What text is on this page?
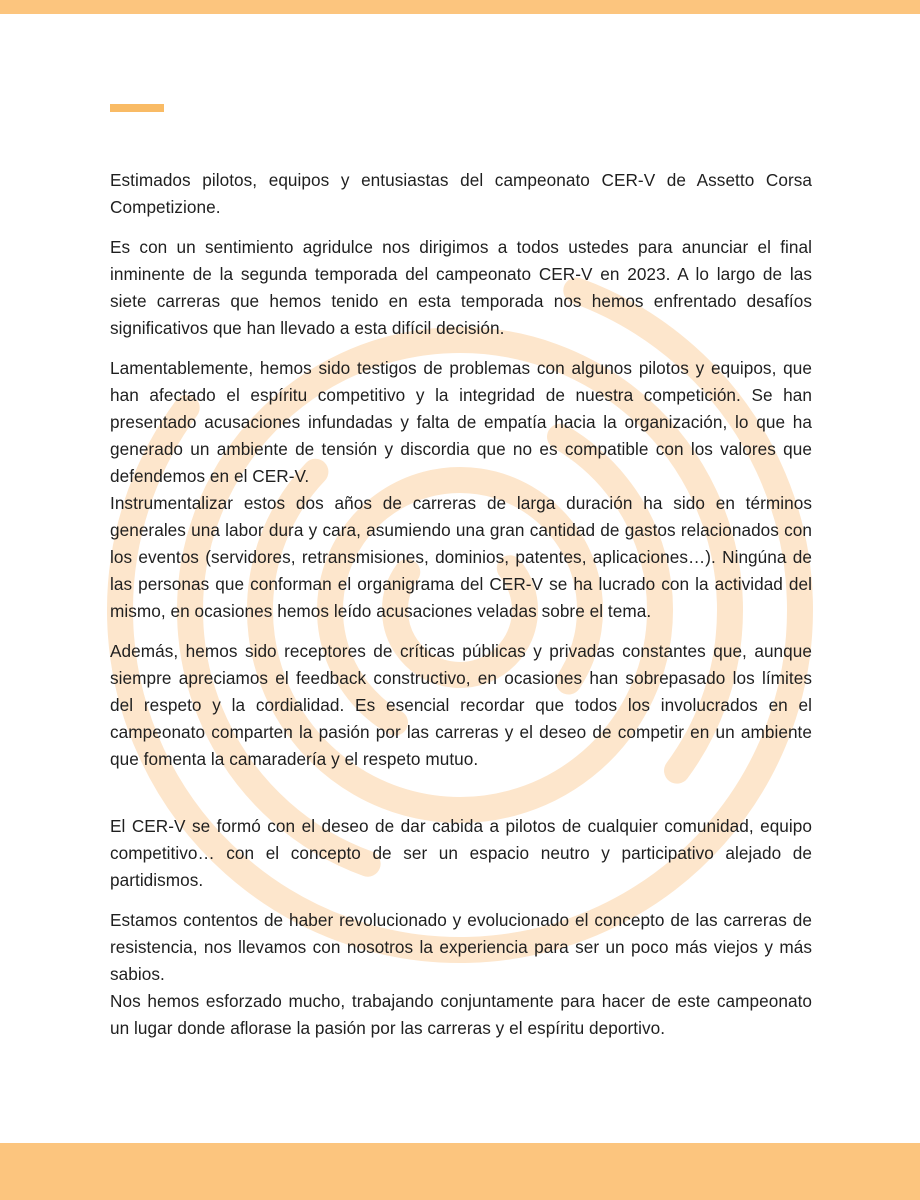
Estimados pilotos, equipos y entusiastas del campeonato CER-V de Assetto Corsa Competizione.

Es con un sentimiento agridulce nos dirigimos a todos ustedes para anunciar el final inminente de la segunda temporada del campeonato CER-V en 2023. A lo largo de las siete carreras que hemos tenido en esta temporada nos hemos enfrentado desafíos significativos que han llevado a esta difícil decisión.

Lamentablemente, hemos sido testigos de problemas con algunos pilotos y equipos, que han afectado el espíritu competitivo y la integridad de nuestra competición. Se han presentado acusaciones infundadas y falta de empatía hacia la organización, lo que ha generado un ambiente de tensión y discordia que no es compatible con los valores que defendemos en el CER-V.

Instrumentalizar estos dos años de carreras de larga duración ha sido en términos generales una labor dura y cara, asumiendo una gran cantidad de gastos relacionados con los eventos (servidores, retransmisiones, dominios, patentes, aplicaciones…). Ningúna de las personas que conforman el organigrama del CER-V se ha lucrado con la actividad del mismo, en ocasiones hemos leído acusaciones veladas sobre el tema.

Además, hemos sido receptores de críticas públicas y privadas constantes que, aunque siempre apreciamos el feedback constructivo, en ocasiones han sobrepasado los límites del respeto y la cordialidad. Es esencial recordar que todos los involucrados en el campeonato comparten la pasión por las carreras y el deseo de competir en un ambiente que fomenta la camaradería y el respeto mutuo.

El CER-V se formó con el deseo de dar cabida a pilotos de cualquier comunidad, equipo competitivo… con el concepto de ser un espacio neutro y participativo alejado de partidismos.

Estamos contentos de haber revolucionado y evolucionado el concepto de las carreras de resistencia, nos llevamos con nosotros la experiencia para ser un poco más viejos y más sabios.

Nos hemos esforzado mucho, trabajando conjuntamente para hacer de este campeonato un lugar donde aflorase la pasión por las carreras y el espíritu deportivo.
